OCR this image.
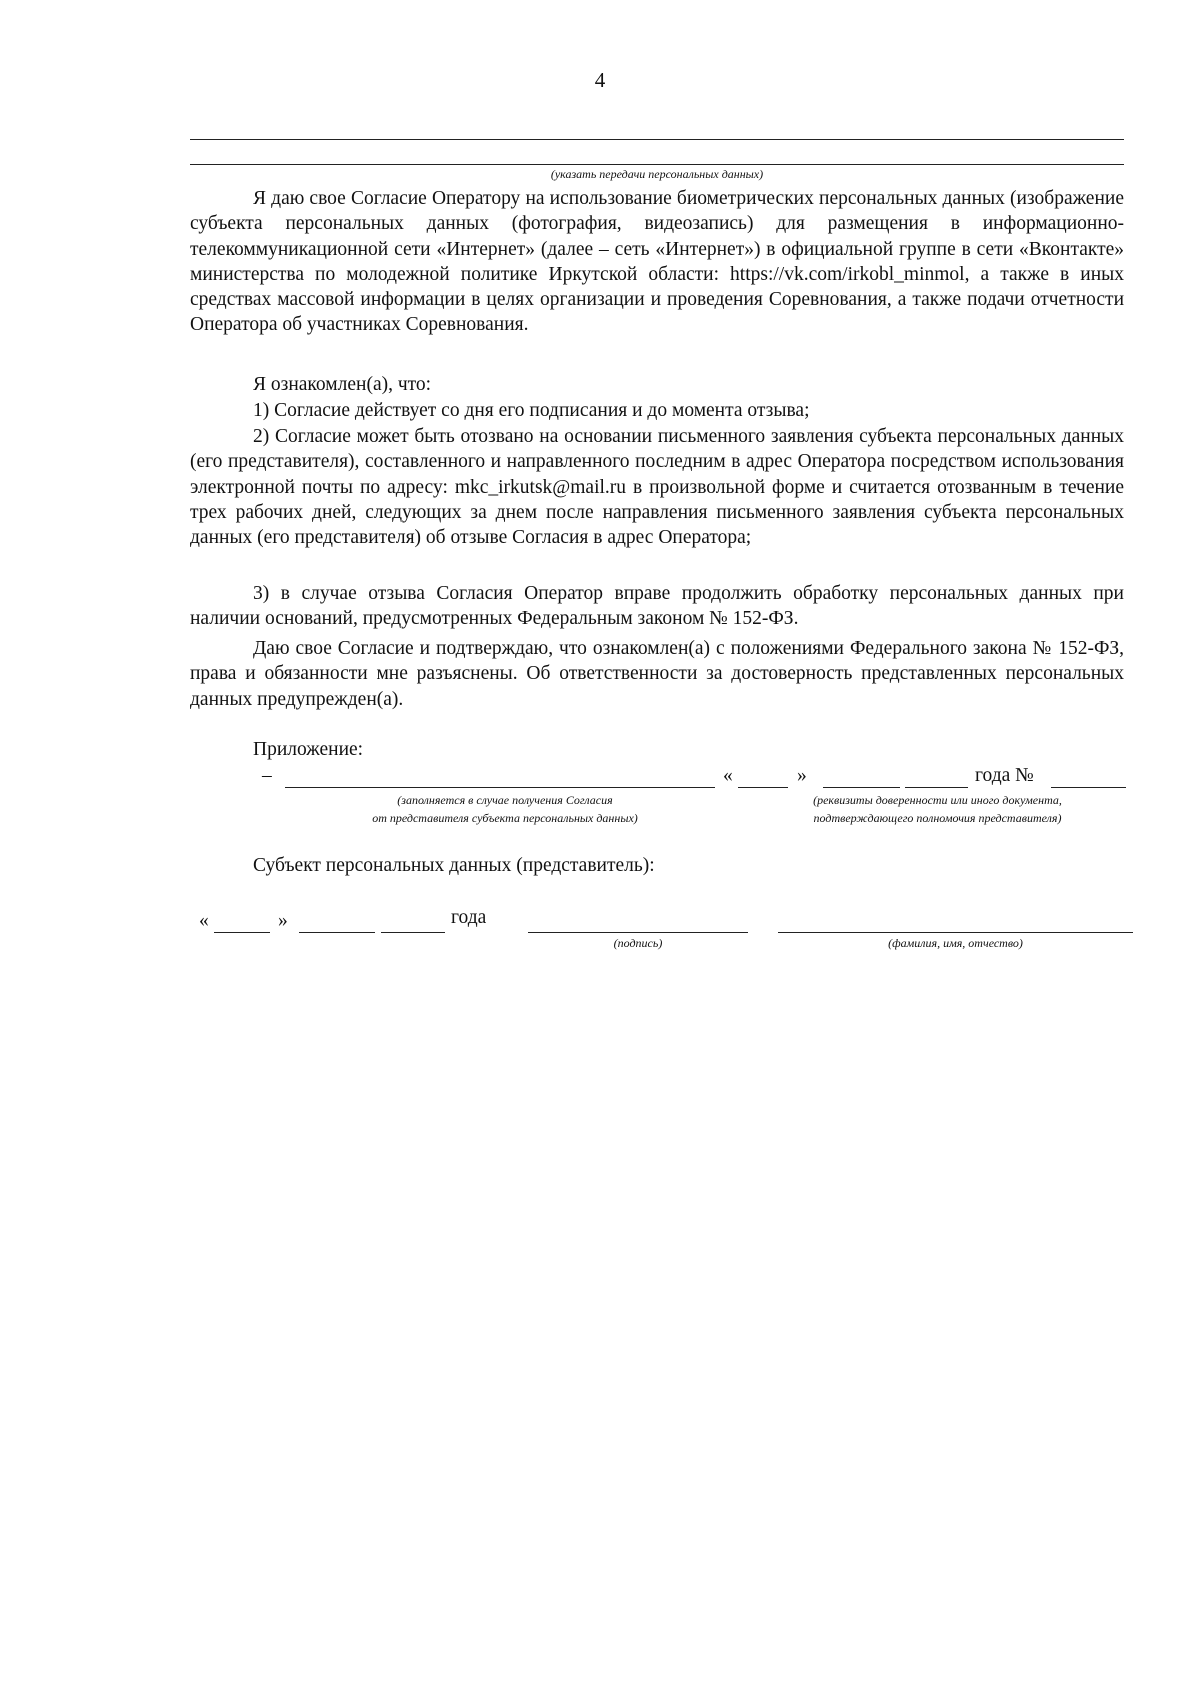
4
(указать передачи персональных данных)

Я даю свое Согласие Оператору на использование биометрических персональных данных (изображение субъекта персональных данных (фотография, видеозапись) для размещения в информационно-телекоммуникационной сети «Интернет» (далее – сеть «Интернет») в официальной группе в сети «Вконтакте» министерства по молодежной политике Иркутской области: https://vk.com/irkobl_minmol, а также в иных средствах массовой информации в целях организации и проведения Соревнования, а также подачи отчетности Оператора об участниках Соревнования.

Я ознакомлен(а), что:

1) Согласие действует со дня его подписания и до момента отзыва;

2) Согласие может быть отозвано на основании письменного заявления субъекта персональных данных (его представителя), составленного и направленного последним в адрес Оператора посредством использования электронной почты по адресу: mkc_irkutsk@mail.ru в произвольной форме и считается отозванным в течение трех рабочих дней, следующих за днем после направления письменного заявления субъекта персональных данных (его представителя) об отзыве Согласия в адрес Оператора;

3) в случае отзыва Согласия Оператор вправе продолжить обработку персональных данных при наличии оснований, предусмотренных Федеральным законом № 152-ФЗ.

Даю свое Согласие и подтверждаю, что ознакомлен(а) с положениями Федерального закона № 152-ФЗ, права и обязанности мне разъяснены. Об ответственности за достоверность представленных персональных данных предупрежден(а).

Приложение:
–	«	»	года №
(заполняется в случае получения Согласия
от представителя субъекта персональных данных)
(реквизиты доверенности или иного документа,
подтверждающего полномочия представителя)
Субъект персональных данных (представитель):
«	»	года
(подпись)	(фамилия, имя, отчество)
